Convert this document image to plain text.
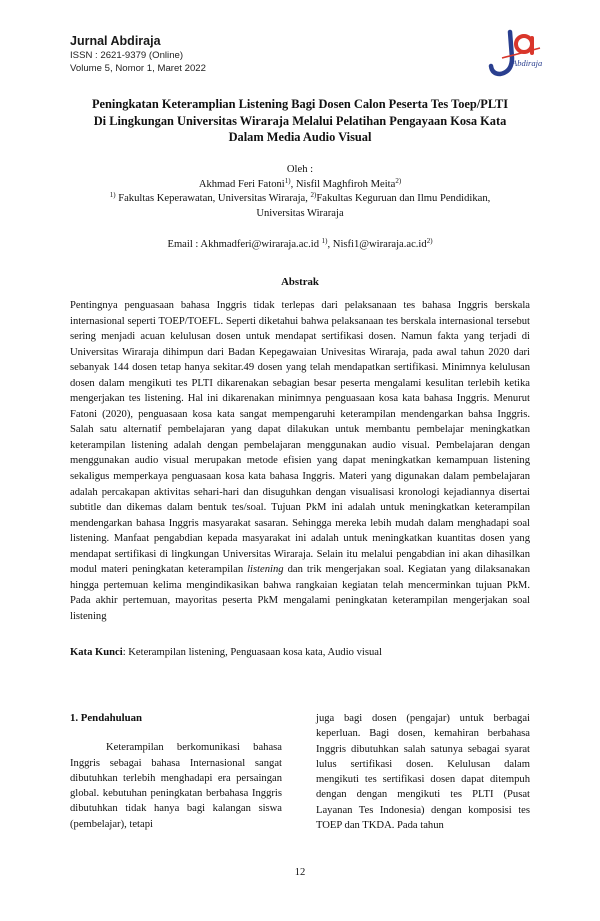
Jurnal Abdiraja
ISSN : 2621-9379 (Online)
Volume 5, Nomor 1, Maret 2022	Abdiraja
Peningkatan Keteramplian Listening Bagi Dosen Calon Peserta Tes Toep/PLTI
Di Lingkungan Universitas Wiraraja Melalui Pelatihan Pengayaan Kosa Kata
Dalam Media Audio Visual
Oleh :
Akhmad Feri Fatoni$^{1)}$, Nisfil Maghfiroh Meita$^{2)}$
$^{1)}$ Fakultas Keperawatan, Universitas Wiraraja, $^{2)}$Fakultas Keguruan dan Ilmu Pendidikan,
Universitas Wiraraja
Email : Akhmadferi@wiraraja.ac.id $^{1)}$, $Nisfi1@wiraraja.ac.id^{2)}$
Abstrak

Pentingnya penguasaan bahasa Inggris tidak terlepas dari pelaksanaan tes bahasa Inggris berskala internasional seperti TOEP/TOEFL. Seperti diketahui bahwa pelaksanaan tes berskala internasional tersebut sering menjadi acuan kelulusan dosen untuk mendapat sertifikasi dosen. Namun fakta yang terjadi di Universitas Wiraraja dihimpun dari Badan Kepegawaian Univesitas Wiraraja, pada awal tahun 2020 dari sebanyak 144 dosen tetap hanya sekitar.49 dosen yang telah mendapatkan sertifikasi. Minimnya kelulusan dosen dalam mengikuti tes PLTI dikarenakan sebagian besar peserta mengalami kesulitan terlebih ketika mengerjakan tes listening. Hal ini dikarenakan minimnya penguasaan kosa kata bahasa Inggris. Menurut Fatoni (2020), penguasaan kosa kata sangat mempengaruhi keterampilan mendengarkan bahsa Inggris. Salah satu alternatif pembelajaran yang dapat dilakukan untuk membantu pembelajar meningkatkan keterampilan listening adalah dengan pembelajaran menggunakan audio visual. Pembelajaran dengan menggunakan audio visual merupakan metode efisien yang dapat meningkatkan kemampuan listening sekaligus memperkaya penguasaan kosa kata bahasa Inggris. Materi yang digunakan dalam pembelajaran adalah percakapan aktivitas sehari-hari dan disuguhkan dengan visualisasi kronologi kejadiannya disertai subtitle dan dikemas dalam bentuk tes/soal. Tujuan PkM ini adalah untuk meningkatkan keterampilan mendengarkan bahasa Inggris masyarakat sasaran. Sehingga mereka lebih mudah dalam menghadapi soal listening. Manfaat pengabdian kepada masyarakat ini adalah untuk meningkatkan kuantitas dosen yang mendapat sertifikasi di lingkungan Universitas Wiraraja. Selain itu melalui pengabdian ini akan dihasilkan modul materi peningkatan keterampilan listening dan trik mengerjakan soal. Kegiatan yang dilaksanakan hingga pertemuan kelima mengindikasikan bahwa rangkaian kegiatan telah mencerminkan tujuan PkM. Pada akhir pertemuan, mayoritas peserta PkM mengalami peningkatan keterampilan mengerjakan soal listening

Kata Kunci: Keterampilan listening, Penguasaan kosa kata, Audio visual
1. Pendahuluan

Keterampilan berkomunikasi bahasa Inggris sebagai bahasa Internasional sangat dibutuhkan terlebih menghadapi era persaingan global. kebutuhan peningkatan berbahasa Inggris dibutuhkan tidak hanya bagi kalangan siswa (pembelajar), tetapi

juga bagi dosen (pengajar) untuk berbagai keperluan. Bagi dosen, kemahiran berbahasa Inggris dibutuhkan salah satunya sebagai syarat lulus sertifikasi dosen. Kelulusan dalam mengikuti tes sertifikasi dosen dapat ditempuh dengan dengan mengikuti tes PLTI (Pusat Layanan Tes Indonesia) dengan komposisi tes TOEP dan TKDA. Pada tahun

12
